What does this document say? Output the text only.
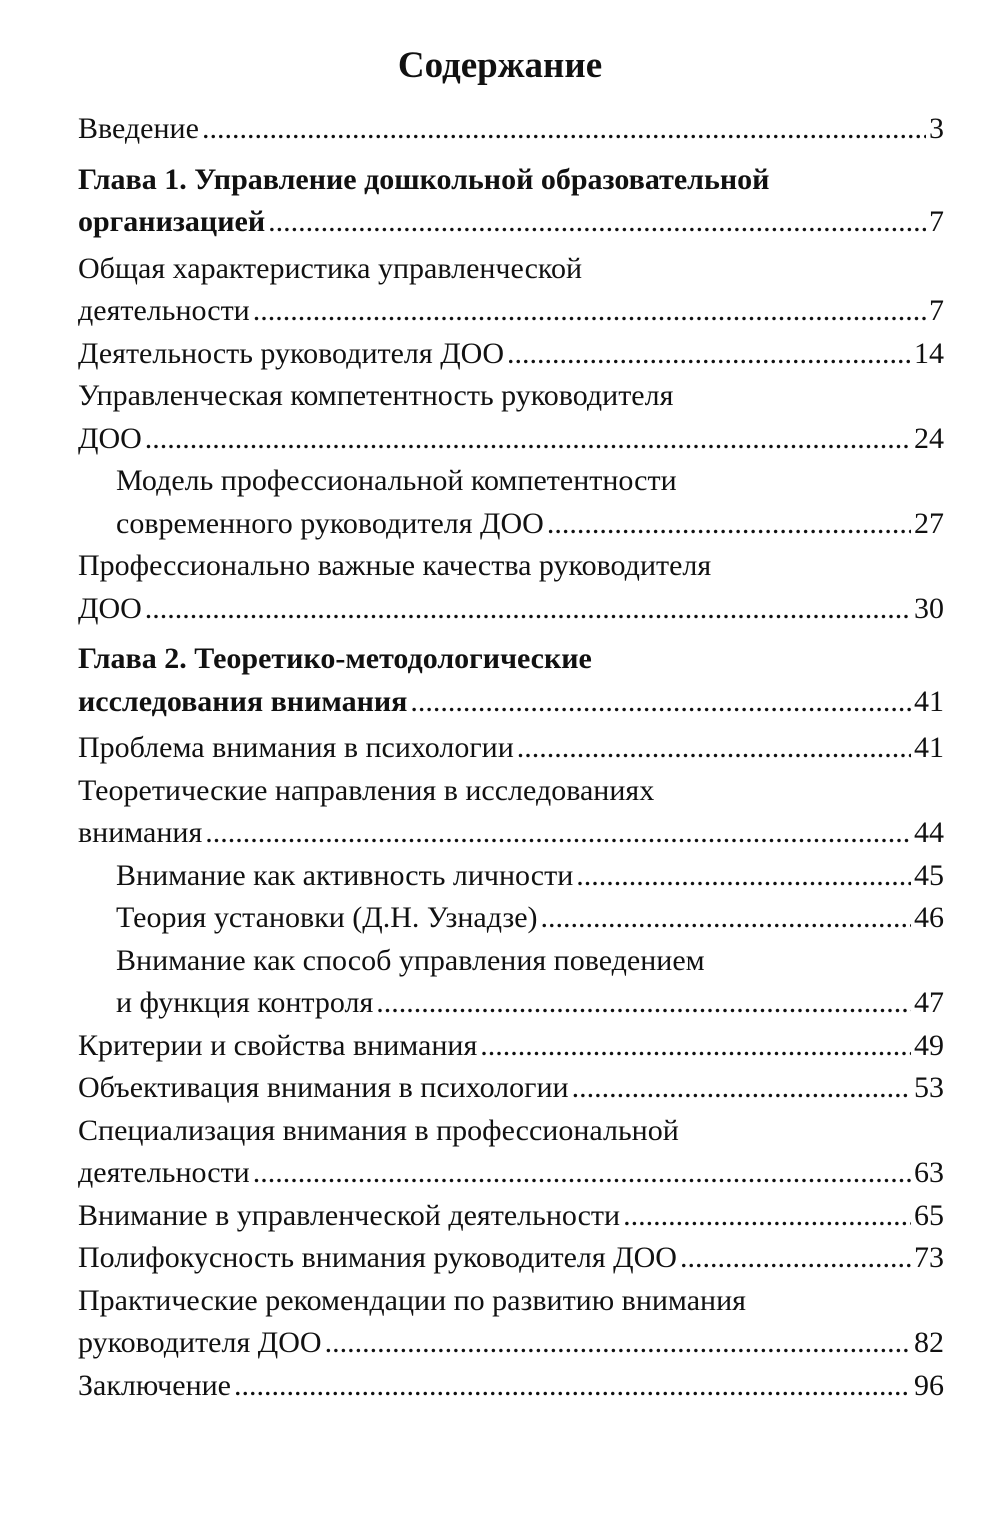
Содержание
Введение .....	3
Глава 1. Управление дошкольной образовательной
организацией .....	7
Общая характеристика управленческой
деятельности .....	7
Деятельность руководителя ДОО .....	14
Управленческая компетентность руководителя
ДОО .....	24
Модель профессиональной компетентности
современного руководителя ДОО .....	27
Профессионально важные качества руководителя
ДОО .....	30
Глава 2. Теоретико-методологические
исследования внимания .....	41
Проблема внимания в психологии .....	41
Теоретические направления в исследованиях
внимания .....	44
Внимание как активность личности .....	45
Теория установки (Д.Н. Узнадзе) .....	46
Внимание как способ управления поведением
и функция контроля .....	47
Критерии и свойства внимания .....	49
Объективация внимания в психологии .....	53
Специализация внимания в профессиональной
деятельности .....	63
Внимание в управленческой деятельности .....	65
Полифокусность внимания руководителя ДОО .....	73
Практические рекомендации по развитию внимания
руководителя ДОО .....	82
Заключение .....	96
